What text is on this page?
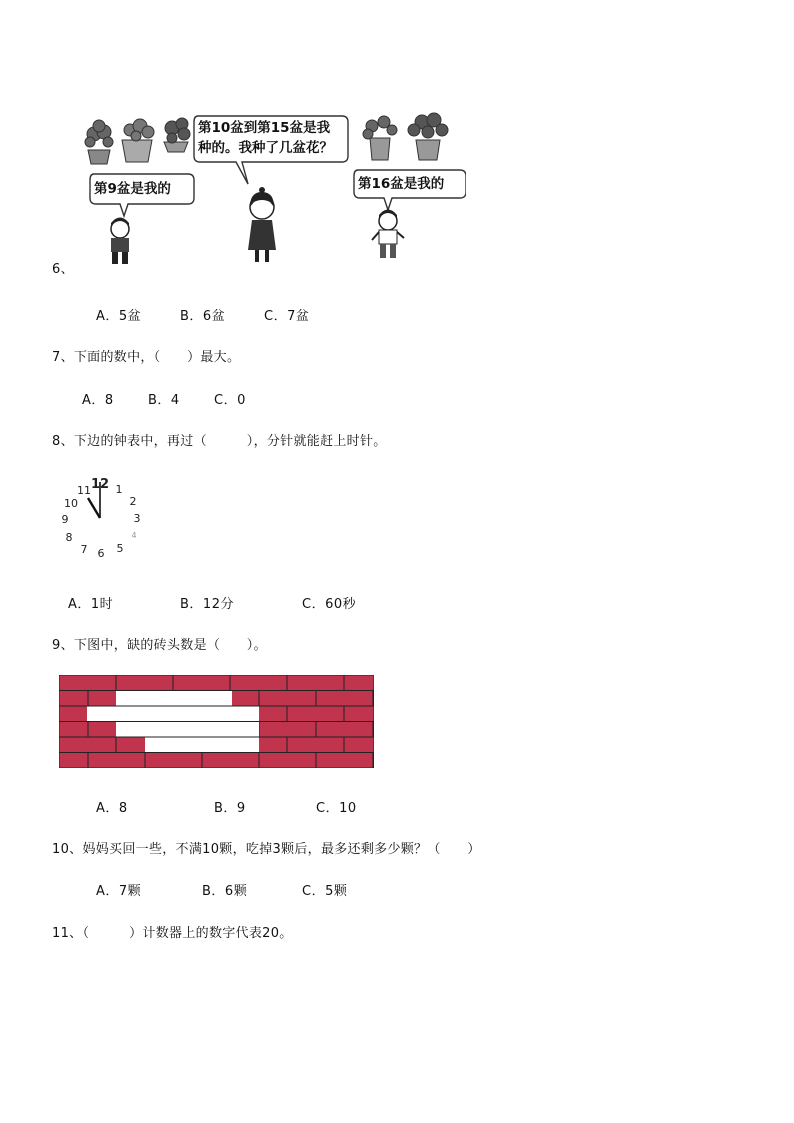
第10盆到第15盆是我
种的。我种了几盆花？
第9盆是我的	第16盆是我的
6、
A．5盆	B．6盆	C．7盆
7、下面的数中，（　　）最大。
A．8	B．4	C．0
8、下边的钟表中，再过（　　　），分针就能赶上时针。
12 1
2
3
4
5
6
7
8
9
10
11
A．1时	B．12分	C．60秒
9、下图中，缺的砖头数是（　　）。
A．8	B．9	C．10
10、妈妈买回一些，不满10颗，吃掉3颗后，最多还剩多少颗？（　　）
A．7颗	B．6颗	C．5颗
11、（　　　）计数器上的数字代表20。
